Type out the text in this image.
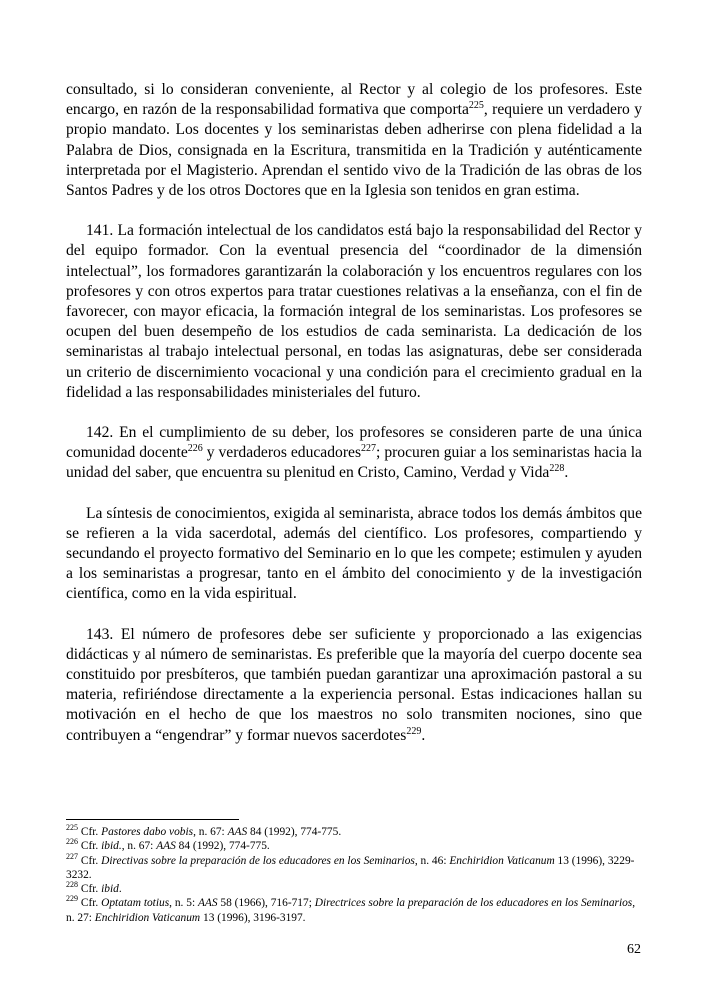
consultado, si lo consideran conveniente, al Rector y al colegio de los profesores. Este encargo, en razón de la responsabilidad formativa que comporta$^{225}$, requiere un verdadero y propio mandato. Los docentes y los seminaristas deben adherirse con plena fidelidad a la Palabra de Dios, consignada en la Escritura, transmitida en la Tradición y auténticamente interpretada por el Magisterio. Aprendan el sentido vivo de la Tradición de las obras de los Santos Padres y de los otros Doctores que en la Iglesia son tenidos en gran estima.

141. La formación intelectual de los candidatos está bajo la responsabilidad del Rector y del equipo formador. Con la eventual presencia del “coordinador de la dimensión intelectual”, los formadores garantizarán la colaboración y los encuentros regulares con los profesores y con otros expertos para tratar cuestiones relativas a la enseñanza, con el fin de favorecer, con mayor eficacia, la formación integral de los seminaristas. Los profesores se ocupen del buen desempeño de los estudios de cada seminarista. La dedicación de los seminaristas al trabajo intelectual personal, en todas las asignaturas, debe ser considerada un criterio de discernimiento vocacional y una condición para el crecimiento gradual en la fidelidad a las responsabilidades ministeriales del futuro.

142. En el cumplimiento de su deber, los profesores se consideren parte de una única comunidad docente$^{226}$ y verdaderos educadores$^{227}$; procuren guiar a los seminaristas hacia la unidad del saber, que encuentra su plenitud en Cristo, Camino, Verdad y Vida$^{228}$.

La síntesis de conocimientos, exigida al seminarista, abrace todos los demás ámbitos que se refieren a la vida sacerdotal, además del científico. Los profesores, compartiendo y secundando el proyecto formativo del Seminario en lo que les compete; estimulen y ayuden a los seminaristas a progresar, tanto en el ámbito del conocimiento y de la investigación científica, como en la vida espiritual.

143. El número de profesores debe ser suficiente y proporcionado a las exigencias didácticas y al número de seminaristas. Es preferible que la mayoría del cuerpo docente sea constituido por presbíteros, que también puedan garantizar una aproximación pastoral a su materia, refiriéndose directamente a la experiencia personal. Estas indicaciones hallan su motivación en el hecho de que los maestros no solo transmiten nociones, sino que contribuyen a “engendrar” y formar nuevos sacerdotes$^{229}$.

$^{225}$ Cfr. Pastores dabo vobis, n. 67: AAS 84 (1992), 774-775.

$^{226}$ Cfr. ibid., n. 67: AAS 84 (1992), 774-775.

$^{227}$ Cfr. Directivas sobre la preparación de los educadores en los Seminarios, n. 46: Enchiridion Vaticanum 13 (1996), 3229-3232.

$^{228}$ Cfr. ibid.

$^{229}$ Cfr. Optatam totius, n. 5: AAS 58 (1966), 716-717; Directrices sobre la preparación de los educadores en los Seminarios, n. 27: Enchiridion Vaticanum 13 (1996), 3196-3197.

62
